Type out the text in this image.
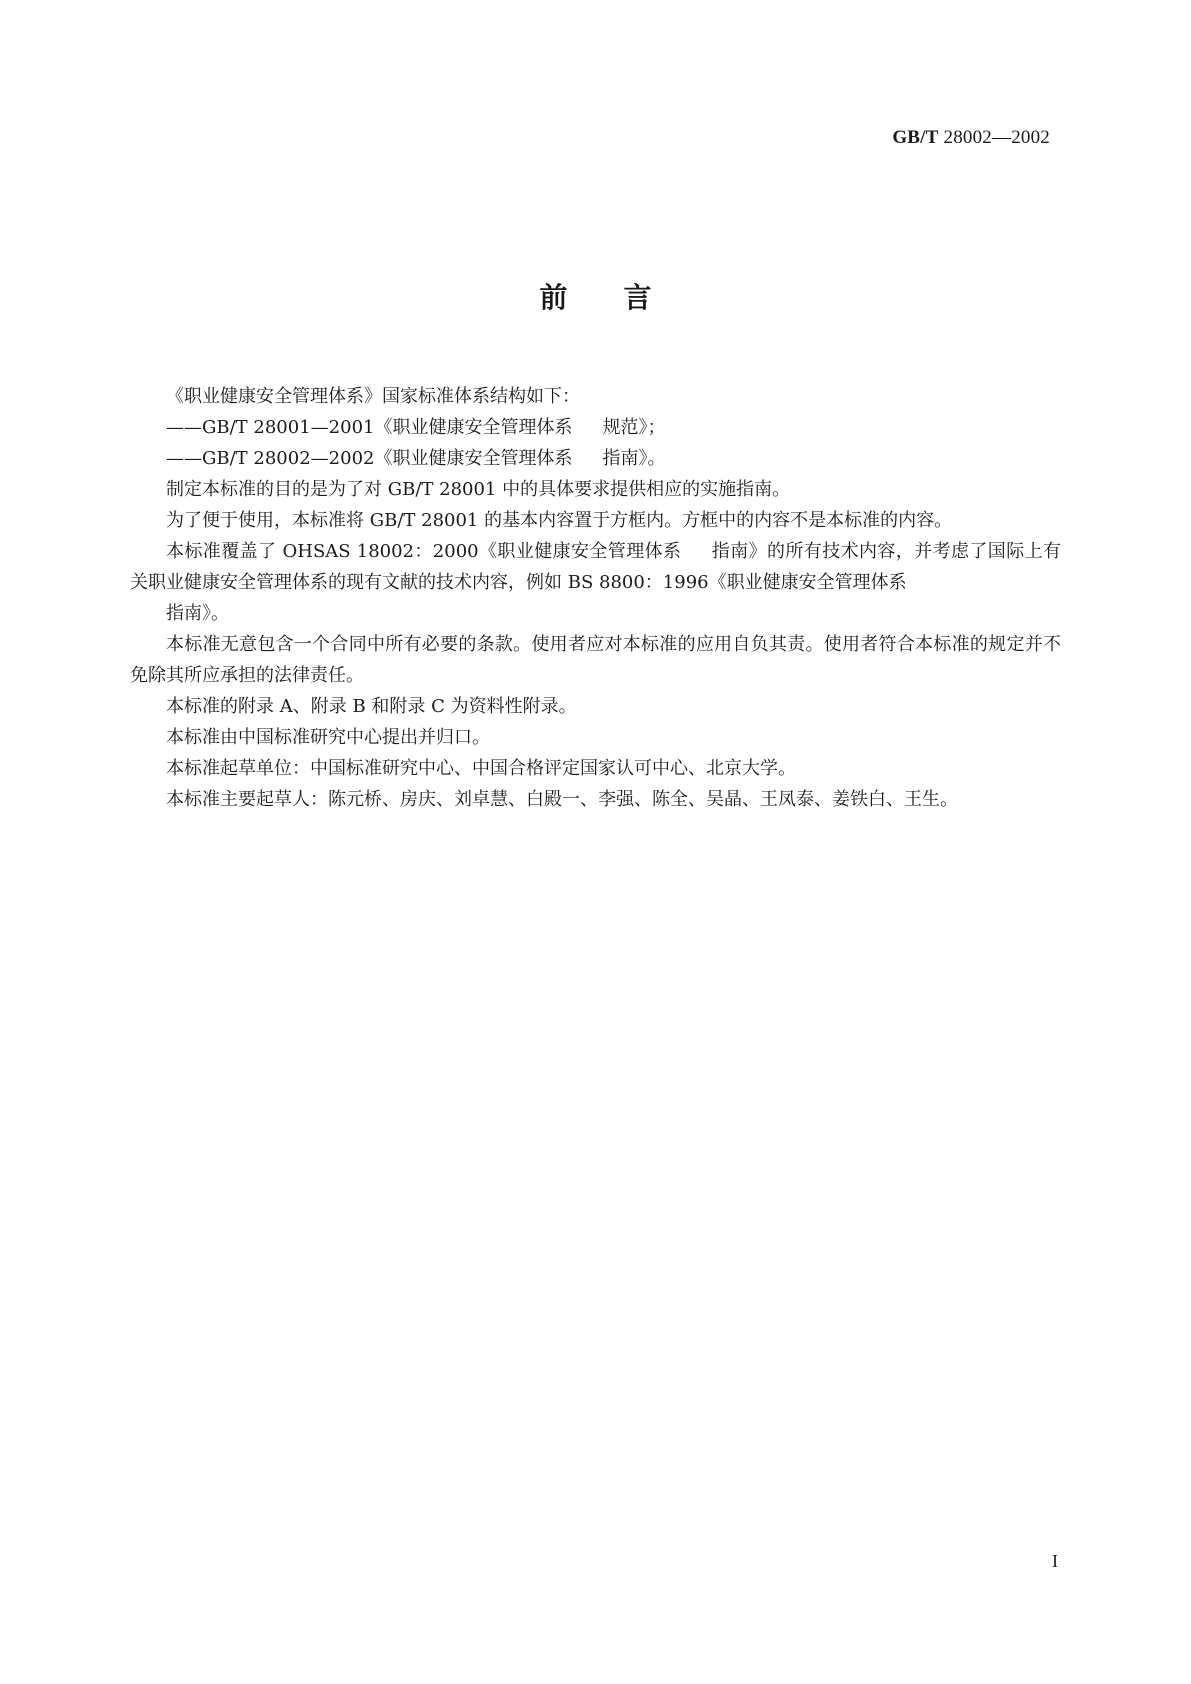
GB/T 28002—2002
前 言

《职业健康安全管理体系》国家标准体系结构如下：

——GB/T 28001—2001《职业健康安全管理体系 规范》；

——GB/T 28002—2002《职业健康安全管理体系 指南》。

制定本标准的目的是为了对 GB/T 28001 中的具体要求提供相应的实施指南。

为了便于使用，本标准将 GB/T 28001 的基本内容置于方框内。方框中的内容不是本标准的内容。

本标准覆盖了 OHSAS 18002：2000《职业健康安全管理体系 指南》的所有技术内容，并考虑了国际上有关职业健康安全管理体系的现有文献的技术内容，例如 BS 8800：1996《职业健康安全管理体系

指南》。

本标准无意包含一个合同中所有必要的条款。使用者应对本标准的应用自负其责。使用者符合本标准的规定并不免除其所应承担的法律责任。

本标准的附录 A、附录 B 和附录 C 为资料性附录。

本标准由中国标准研究中心提出并归口。

本标准起草单位：中国标准研究中心、中国合格评定国家认可中心、北京大学。

本标准主要起草人：陈元桥、房庆、刘卓慧、白殿一、李强、陈全、吴晶、王凤泰、姜铁白、王生。

I
